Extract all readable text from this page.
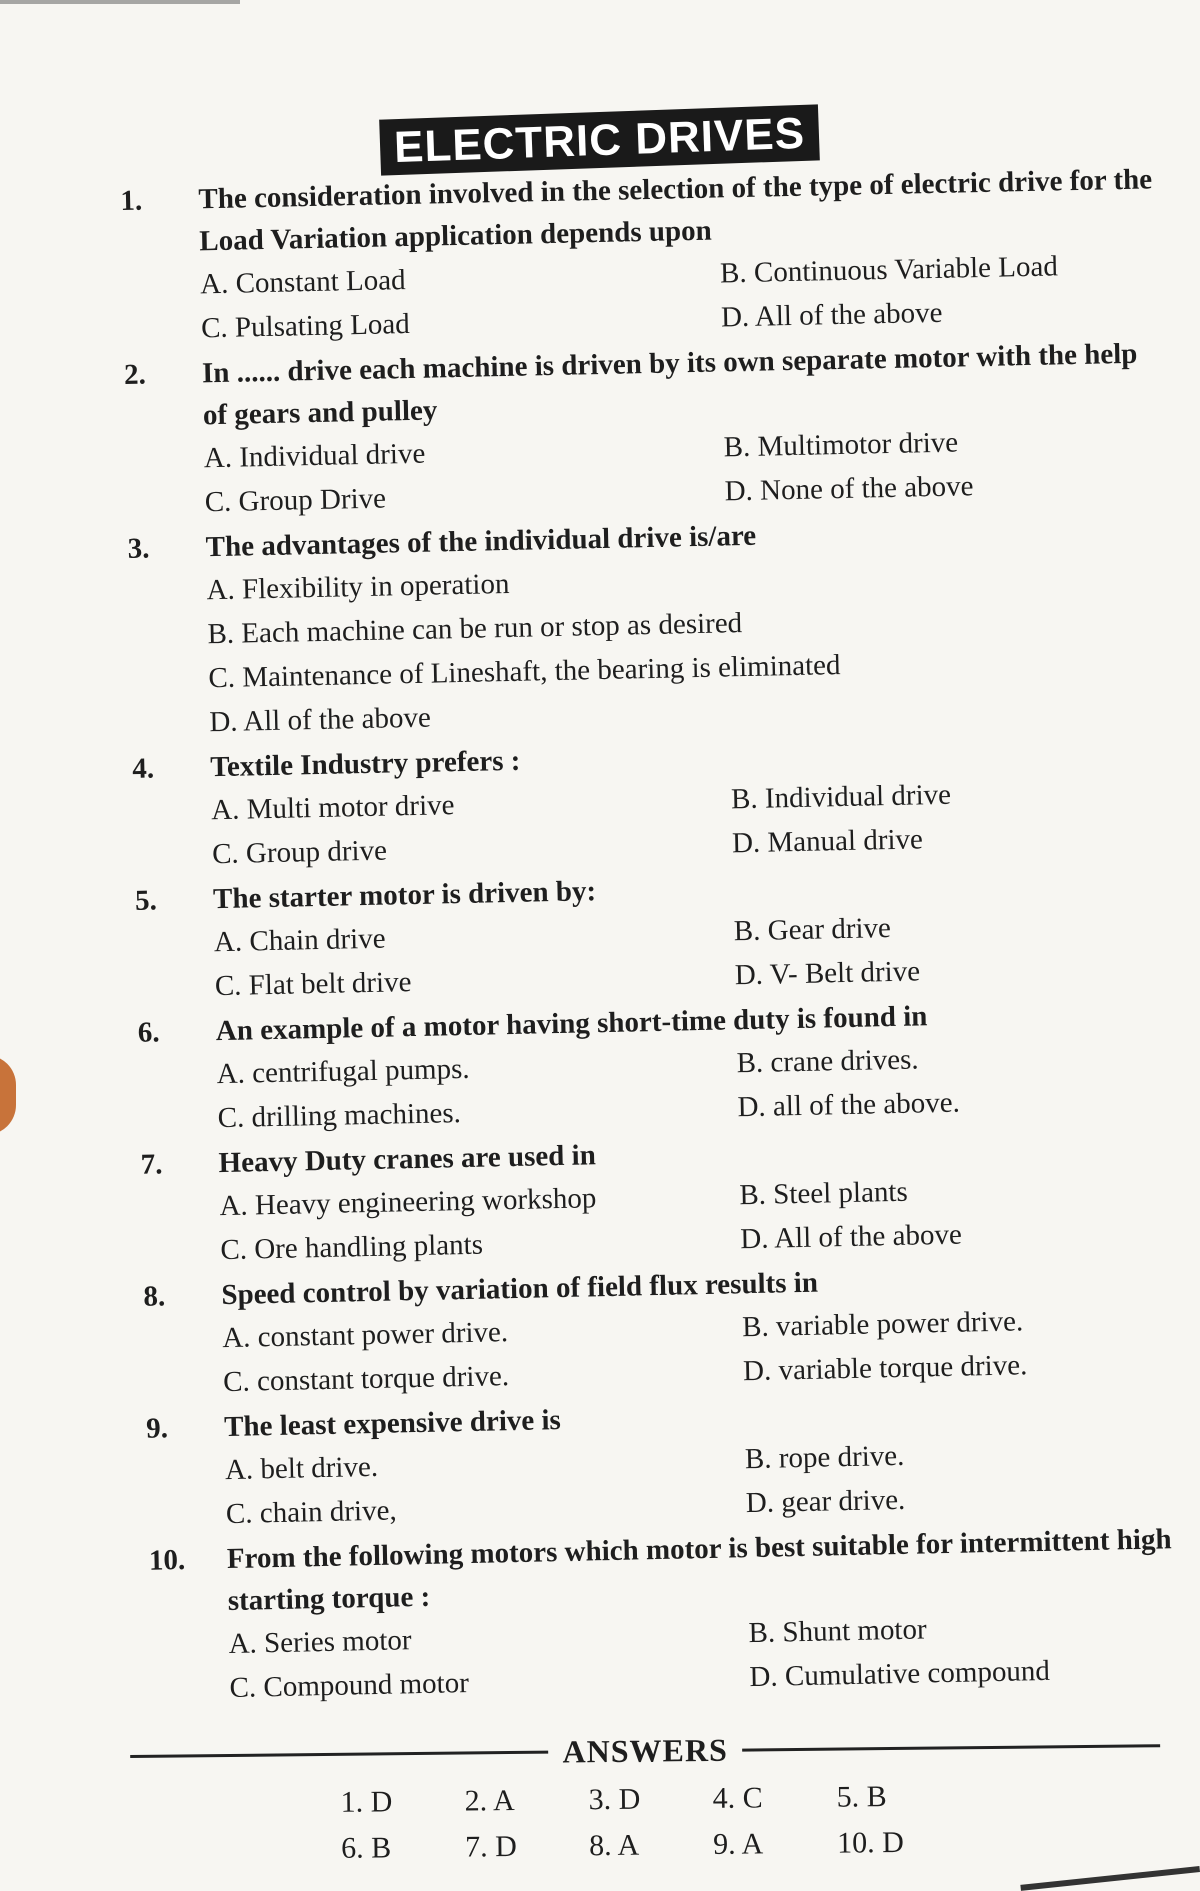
ELECTRIC DRIVES
1.	The consideration involved in the selection of the type of electric drive for the Load Variation application depends upon
A. Constant Load	B. Continuous Variable Load
C. Pulsating Load	D. All of the above
2.	In ...... drive each machine is driven by its own separate motor with the help of gears and pulley
A. Individual drive	B. Multimotor drive
C. Group Drive	D. None of the above
3.	The advantages of the individual drive is/are
A. Flexibility in operation
B. Each machine can be run or stop as desired
C. Maintenance of Lineshaft, the bearing is eliminated
D. All of the above
4.	Textile Industry prefers :
A. Multi motor drive	B. Individual drive
C. Group drive	D. Manual drive
5.	The starter motor is driven by:
A. Chain drive	B. Gear drive
C. Flat belt drive	D. V- Belt drive
6.	An example of a motor having short-time duty is found in
A. centrifugal pumps.	B. crane drives.
C. drilling machines.	D. all of the above.
7.	Heavy Duty cranes are used in
A. Heavy engineering workshop	B. Steel plants
C. Ore handling plants	D. All of the above
8.	Speed control by variation of field flux results in
A. constant power drive.	B. variable power drive.
C. constant torque drive.	D. variable torque drive.
9.	The least expensive drive is
A. belt drive.	B. rope drive.
C. chain drive,	D. gear drive.
10.	From the following motors which motor is best suitable for intermittent high starting torque :
A. Series motor	B. Shunt motor
C. Compound motor	D. Cumulative compound
ANSWERS
1. D	2. A	3. D	4. C	5. B
6. B	7. D	8. A	9. A	10. D
